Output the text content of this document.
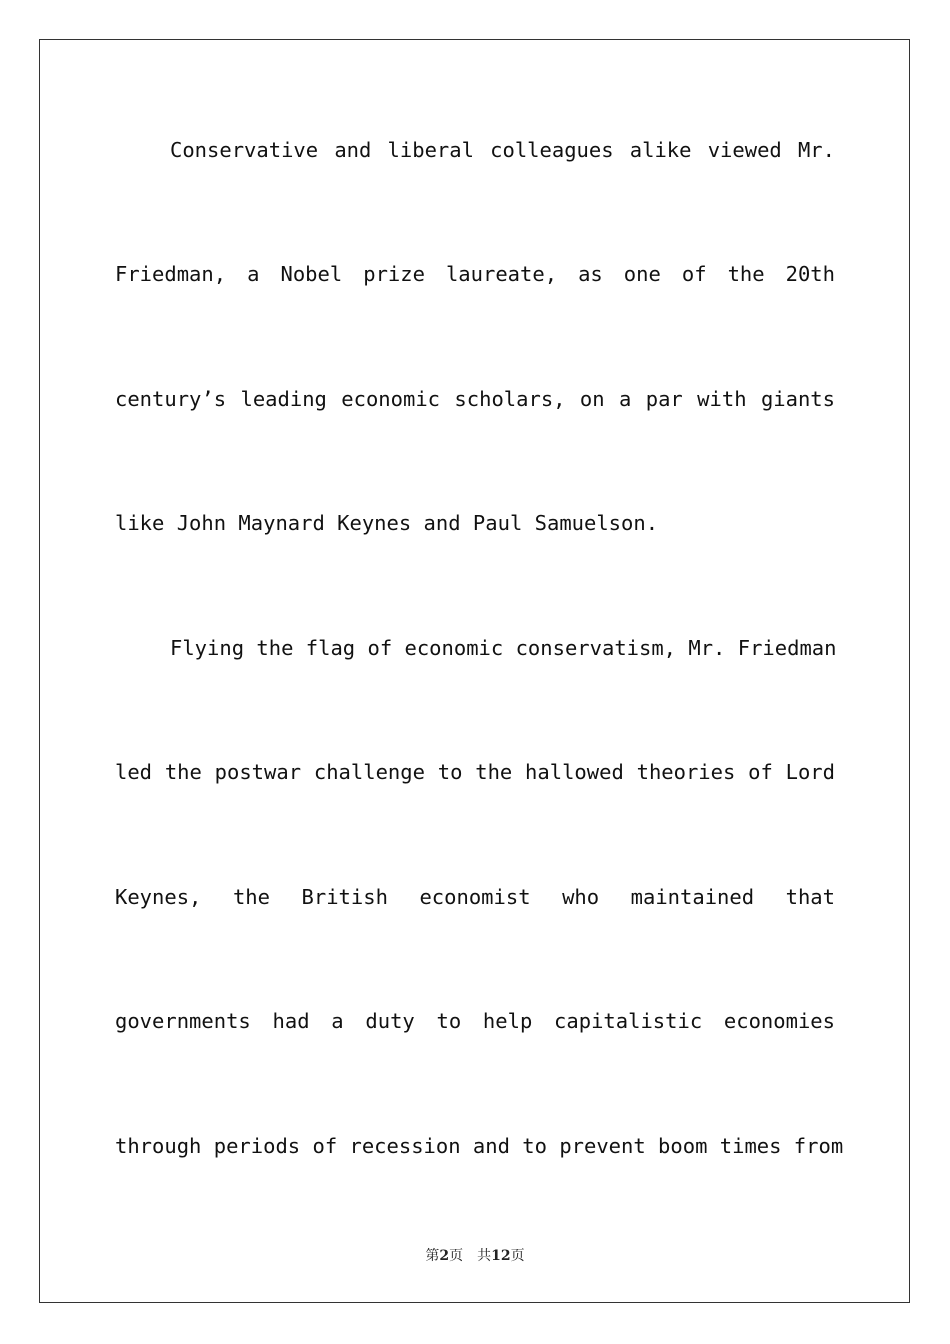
Conservative and liberal colleagues alike viewed Mr.
Friedman, a Nobel prize laureate, as one of the 20th
century’s leading economic scholars, on a par with giants
like John Maynard Keynes and Paul Samuelson.
Flying the flag of economic conservatism, Mr. Friedman
led the postwar challenge to the hallowed theories of Lord
Keynes, the British economist who maintained that
governments had a duty to help capitalistic economies
through periods of recession and to prevent boom times from
第2页 共12页
